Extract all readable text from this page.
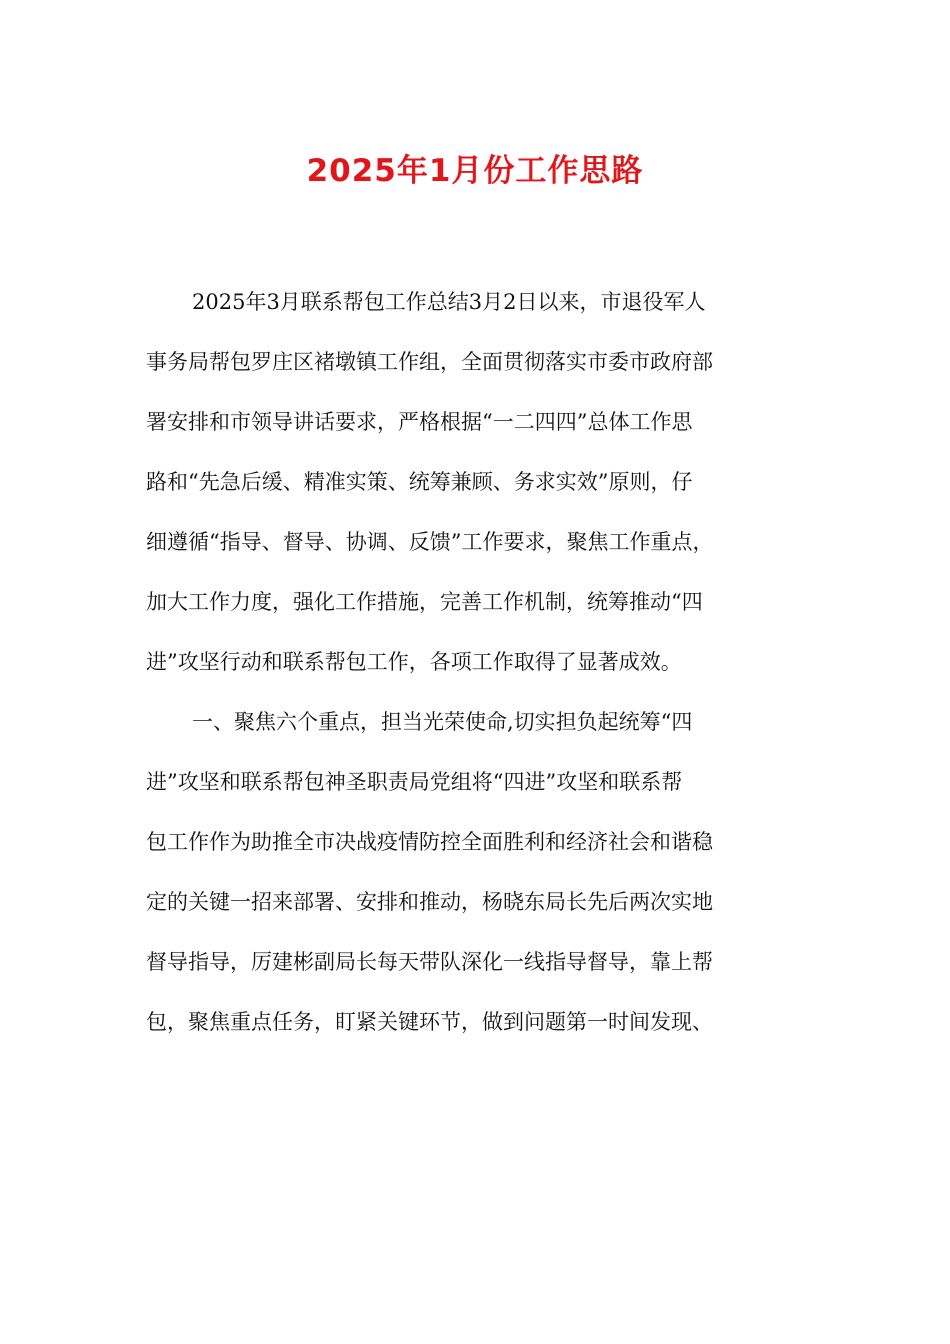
2025年1月份工作思路
2025年3月联系帮包工作总结3月2日以来，市退役军人
事务局帮包罗庄区褚墩镇工作组，全面贯彻落实市委市政府部
署安排和市领导讲话要求，严格根据“一二四四”总体工作思
路和“先急后缓、精准实策、统筹兼顾、务求实效”原则，仔
细遵循“指导、督导、协调、反馈”工作要求，聚焦工作重点，
加大工作力度，强化工作措施，完善工作机制，统筹推动“四
进”攻坚行动和联系帮包工作，各项工作取得了显著成效。
一、聚焦六个重点，担当光荣使命,切实担负起统筹“四
进”攻坚和联系帮包神圣职责局党组将“四进”攻坚和联系帮
包工作作为助推全市决战疫情防控全面胜利和经济社会和谐稳
定的关键一招来部署、安排和推动，杨晓东局长先后两次实地
督导指导，厉建彬副局长每天带队深化一线指导督导，靠上帮
包，聚焦重点任务，盯紧关键环节，做到问题第一时间发现、
